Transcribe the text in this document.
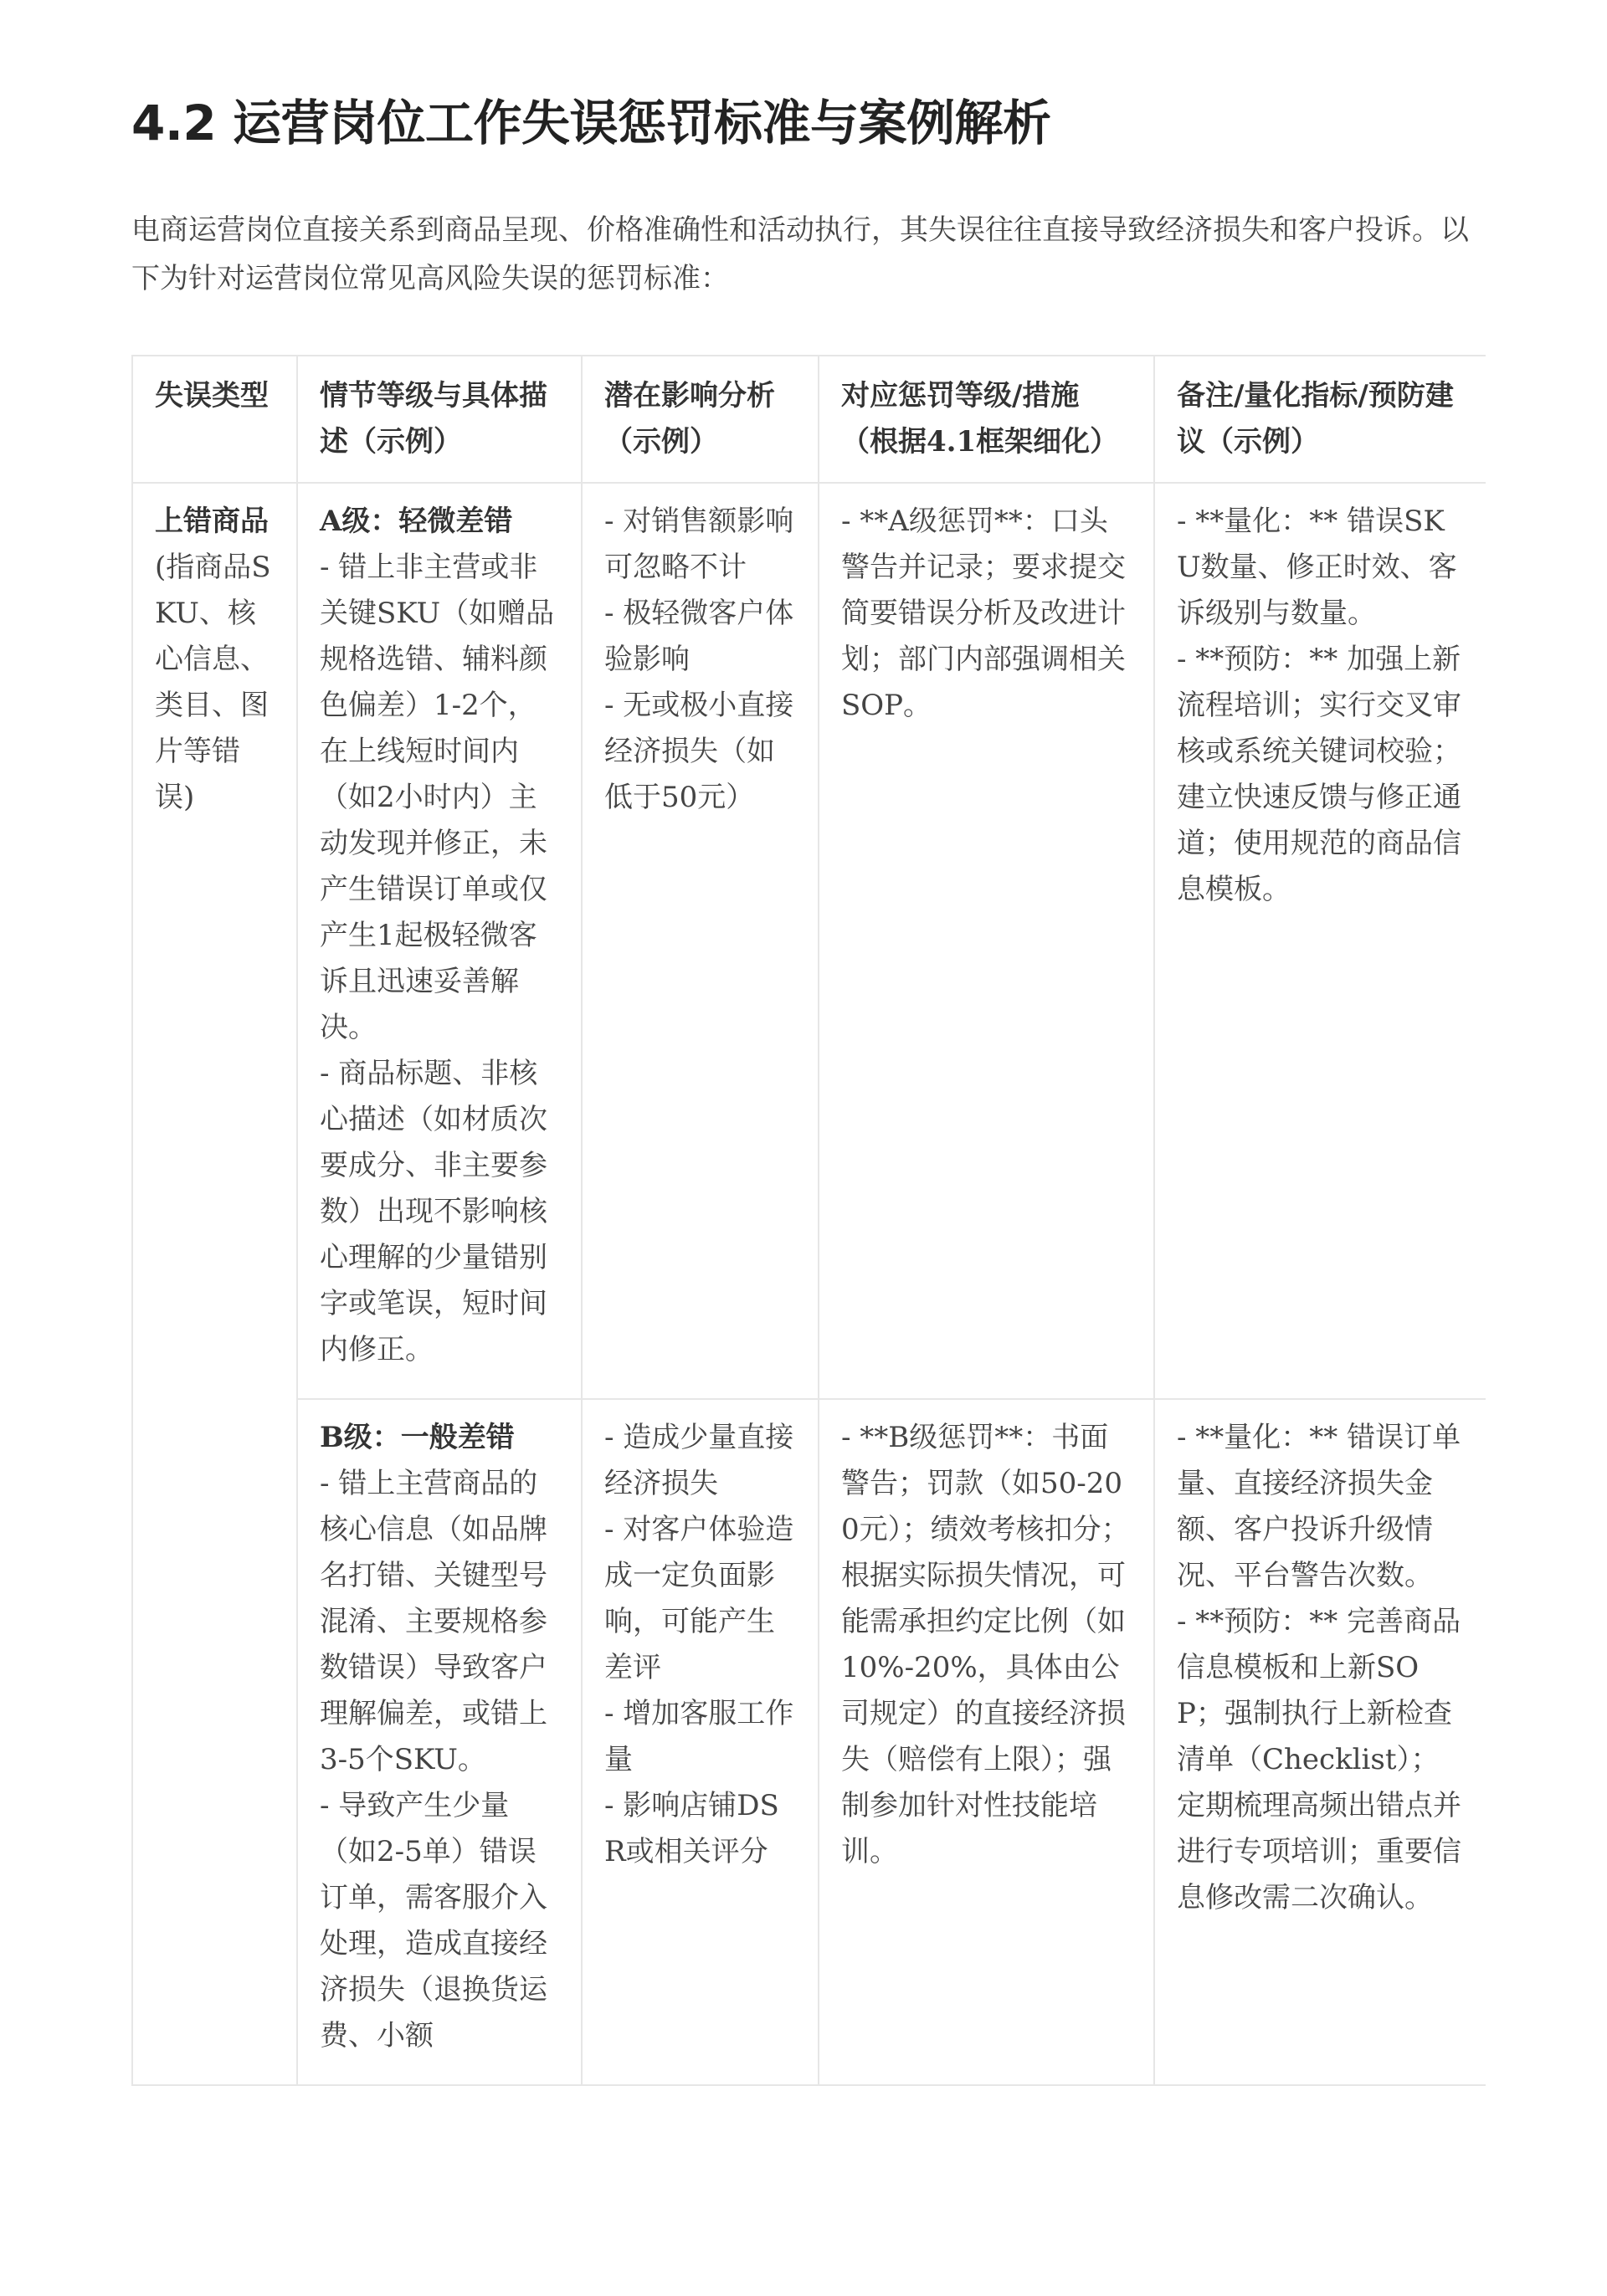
4.2 运营岗位工作失误惩罚标准与案例解析

电商运营岗位直接关系到商品呈现、价格准确性和活动执行，其失误往往直接导致经济损失和客户投诉。以下为针对运营岗位常见高风险失误的惩罚标准：

失误类型	情节等级与具体描述（示例）	潜在影响分析（示例）	对应惩罚等级/措施（根据4.1框架细化）	备注/量化指标/预防建议（示例）

上错商品
(指商品SKU、核心信息、类目、图片等错误)	A级：轻微差错
- 错上非主营或非关键SKU（如赠品规格选错、辅料颜色偏差）1-2个，在上线短时间内（如2小时内）主动发现并修正，未产生错误订单或仅产生1起极轻微客诉且迅速妥善解决。
- 商品标题、非核心描述（如材质次要成分、非主要参数）出现不影响核心理解的少量错别字或笔误，短时间内修正。	- 对销售额影响可忽略不计
- 极轻微客户体验影响
- 无或极小直接经济损失（如低于50元）	- **A级惩罚**：口头警告并记录；要求提交简要错误分析及改进计划；部门内部强调相关SOP。	- **量化：** 错误SKU数量、修正时效、客诉级别与数量。
- **预防：** 加强上新流程培训；实行交叉审核或系统关键词校验；建立快速反馈与修正通道；使用规范的商品信息模板。

	B级：一般差错
- 错上主营商品的核心信息（如品牌名打错、关键型号混淆、主要规格参数错误）导致客户理解偏差，或错上3-5个SKU。
- 导致产生少量（如2-5单）错误订单，需客服介入处理，造成直接经济损失（退换货运费、小额	- 造成少量直接经济损失
- 对客户体验造成一定负面影响，可能产生差评
- 增加客服工作量
- 影响店铺DSR或相关评分	- **B级惩罚**：书面警告；罚款（如50-200元）；绩效考核扣分；根据实际损失情况，可能需承担约定比例（如10%-20%，具体由公司规定）的直接经济损失（赔偿有上限）；强制参加针对性技能培训。	- **量化：** 错误订单量、直接经济损失金额、客户投诉升级情况、平台警告次数。
- **预防：** 完善商品信息模板和上新SOP；强制执行上新检查清单（Checklist）；定期梳理高频出错点并进行专项培训；重要信息修改需二次确认。
